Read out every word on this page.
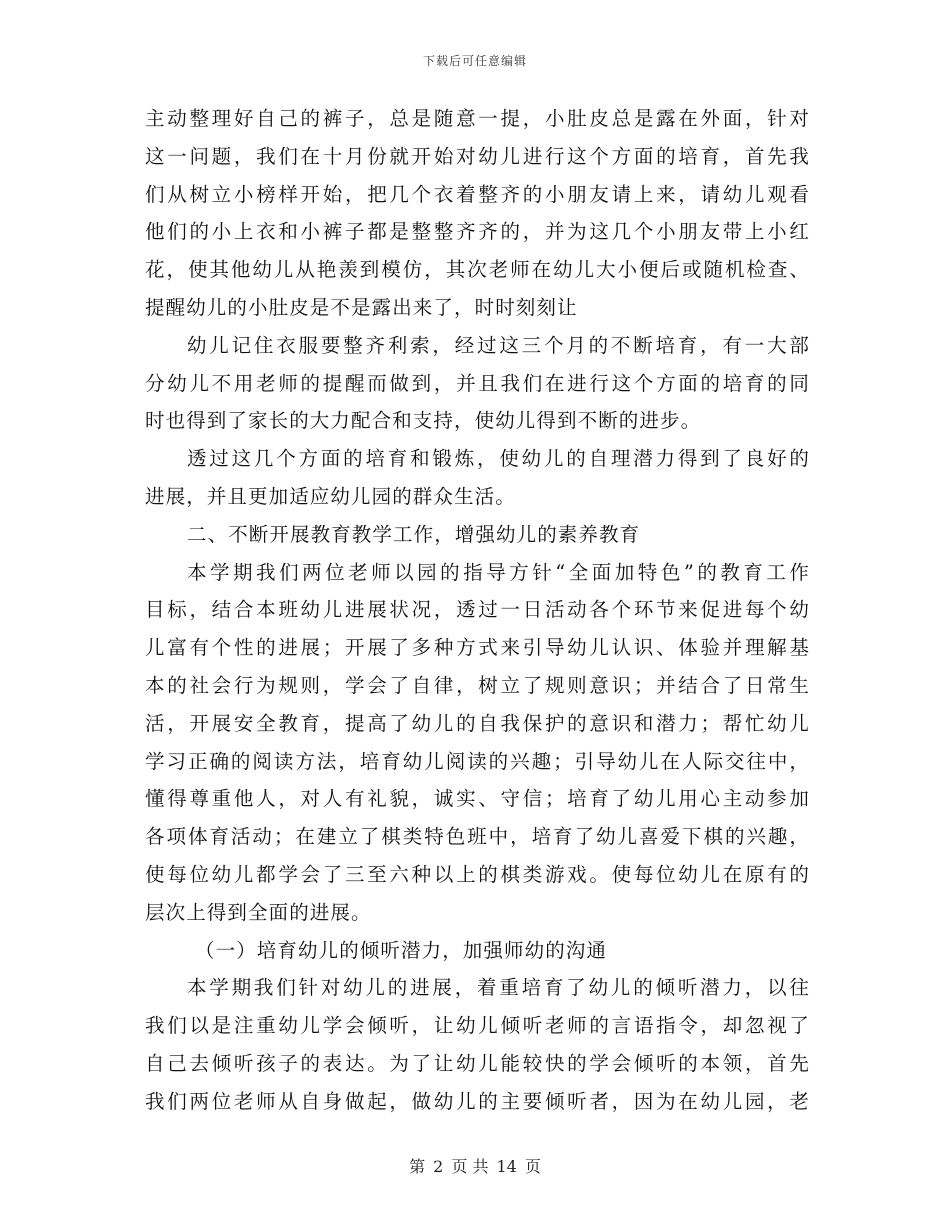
下载后可任意编辑
主动整理好自己的裤子，总是随意一提，小肚皮总是露在外面，针对
这一问题，我们在十月份就开始对幼儿进行这个方面的培育，首先我
们从树立小榜样开始，把几个衣着整齐的小朋友请上来，请幼儿观看
他们的小上衣和小裤子都是整整齐齐的，并为这几个小朋友带上小红
花，使其他幼儿从艳羡到模仿，其次老师在幼儿大小便后或随机检查、
提醒幼儿的小肚皮是不是露出来了，时时刻刻让
幼儿记住衣服要整齐利索，经过这三个月的不断培育，有一大部
分幼儿不用老师的提醒而做到，并且我们在进行这个方面的培育的同
时也得到了家长的大力配合和支持，使幼儿得到不断的进步。
透过这几个方面的培育和锻炼，使幼儿的自理潜力得到了良好的
进展，并且更加适应幼儿园的群众生活。
二、不断开展教育教学工作，增强幼儿的素养教育
本学期我们两位老师以园的指导方针“全面加特色”的教育工作
目标，结合本班幼儿进展状况，透过一日活动各个环节来促进每个幼
儿富有个性的进展；开展了多种方式来引导幼儿认识、体验并理解基
本的社会行为规则，学会了自律，树立了规则意识；并结合了日常生
活，开展安全教育，提高了幼儿的自我保护的意识和潜力；帮忙幼儿
学习正确的阅读方法，培育幼儿阅读的兴趣；引导幼儿在人际交往中，
懂得尊重他人，对人有礼貌，诚实、守信；培育了幼儿用心主动参加
各项体育活动；在建立了棋类特色班中，培育了幼儿喜爱下棋的兴趣，
使每位幼儿都学会了三至六种以上的棋类游戏。使每位幼儿在原有的
层次上得到全面的进展。
（一）培育幼儿的倾听潜力，加强师幼的沟通
本学期我们针对幼儿的进展，着重培育了幼儿的倾听潜力，以往
我们以是注重幼儿学会倾听，让幼儿倾听老师的言语指令，却忽视了
自己去倾听孩子的表达。为了让幼儿能较快的学会倾听的本领，首先
我们两位老师从自身做起，做幼儿的主要倾听者，因为在幼儿园，老
第 2 页 共 14 页
